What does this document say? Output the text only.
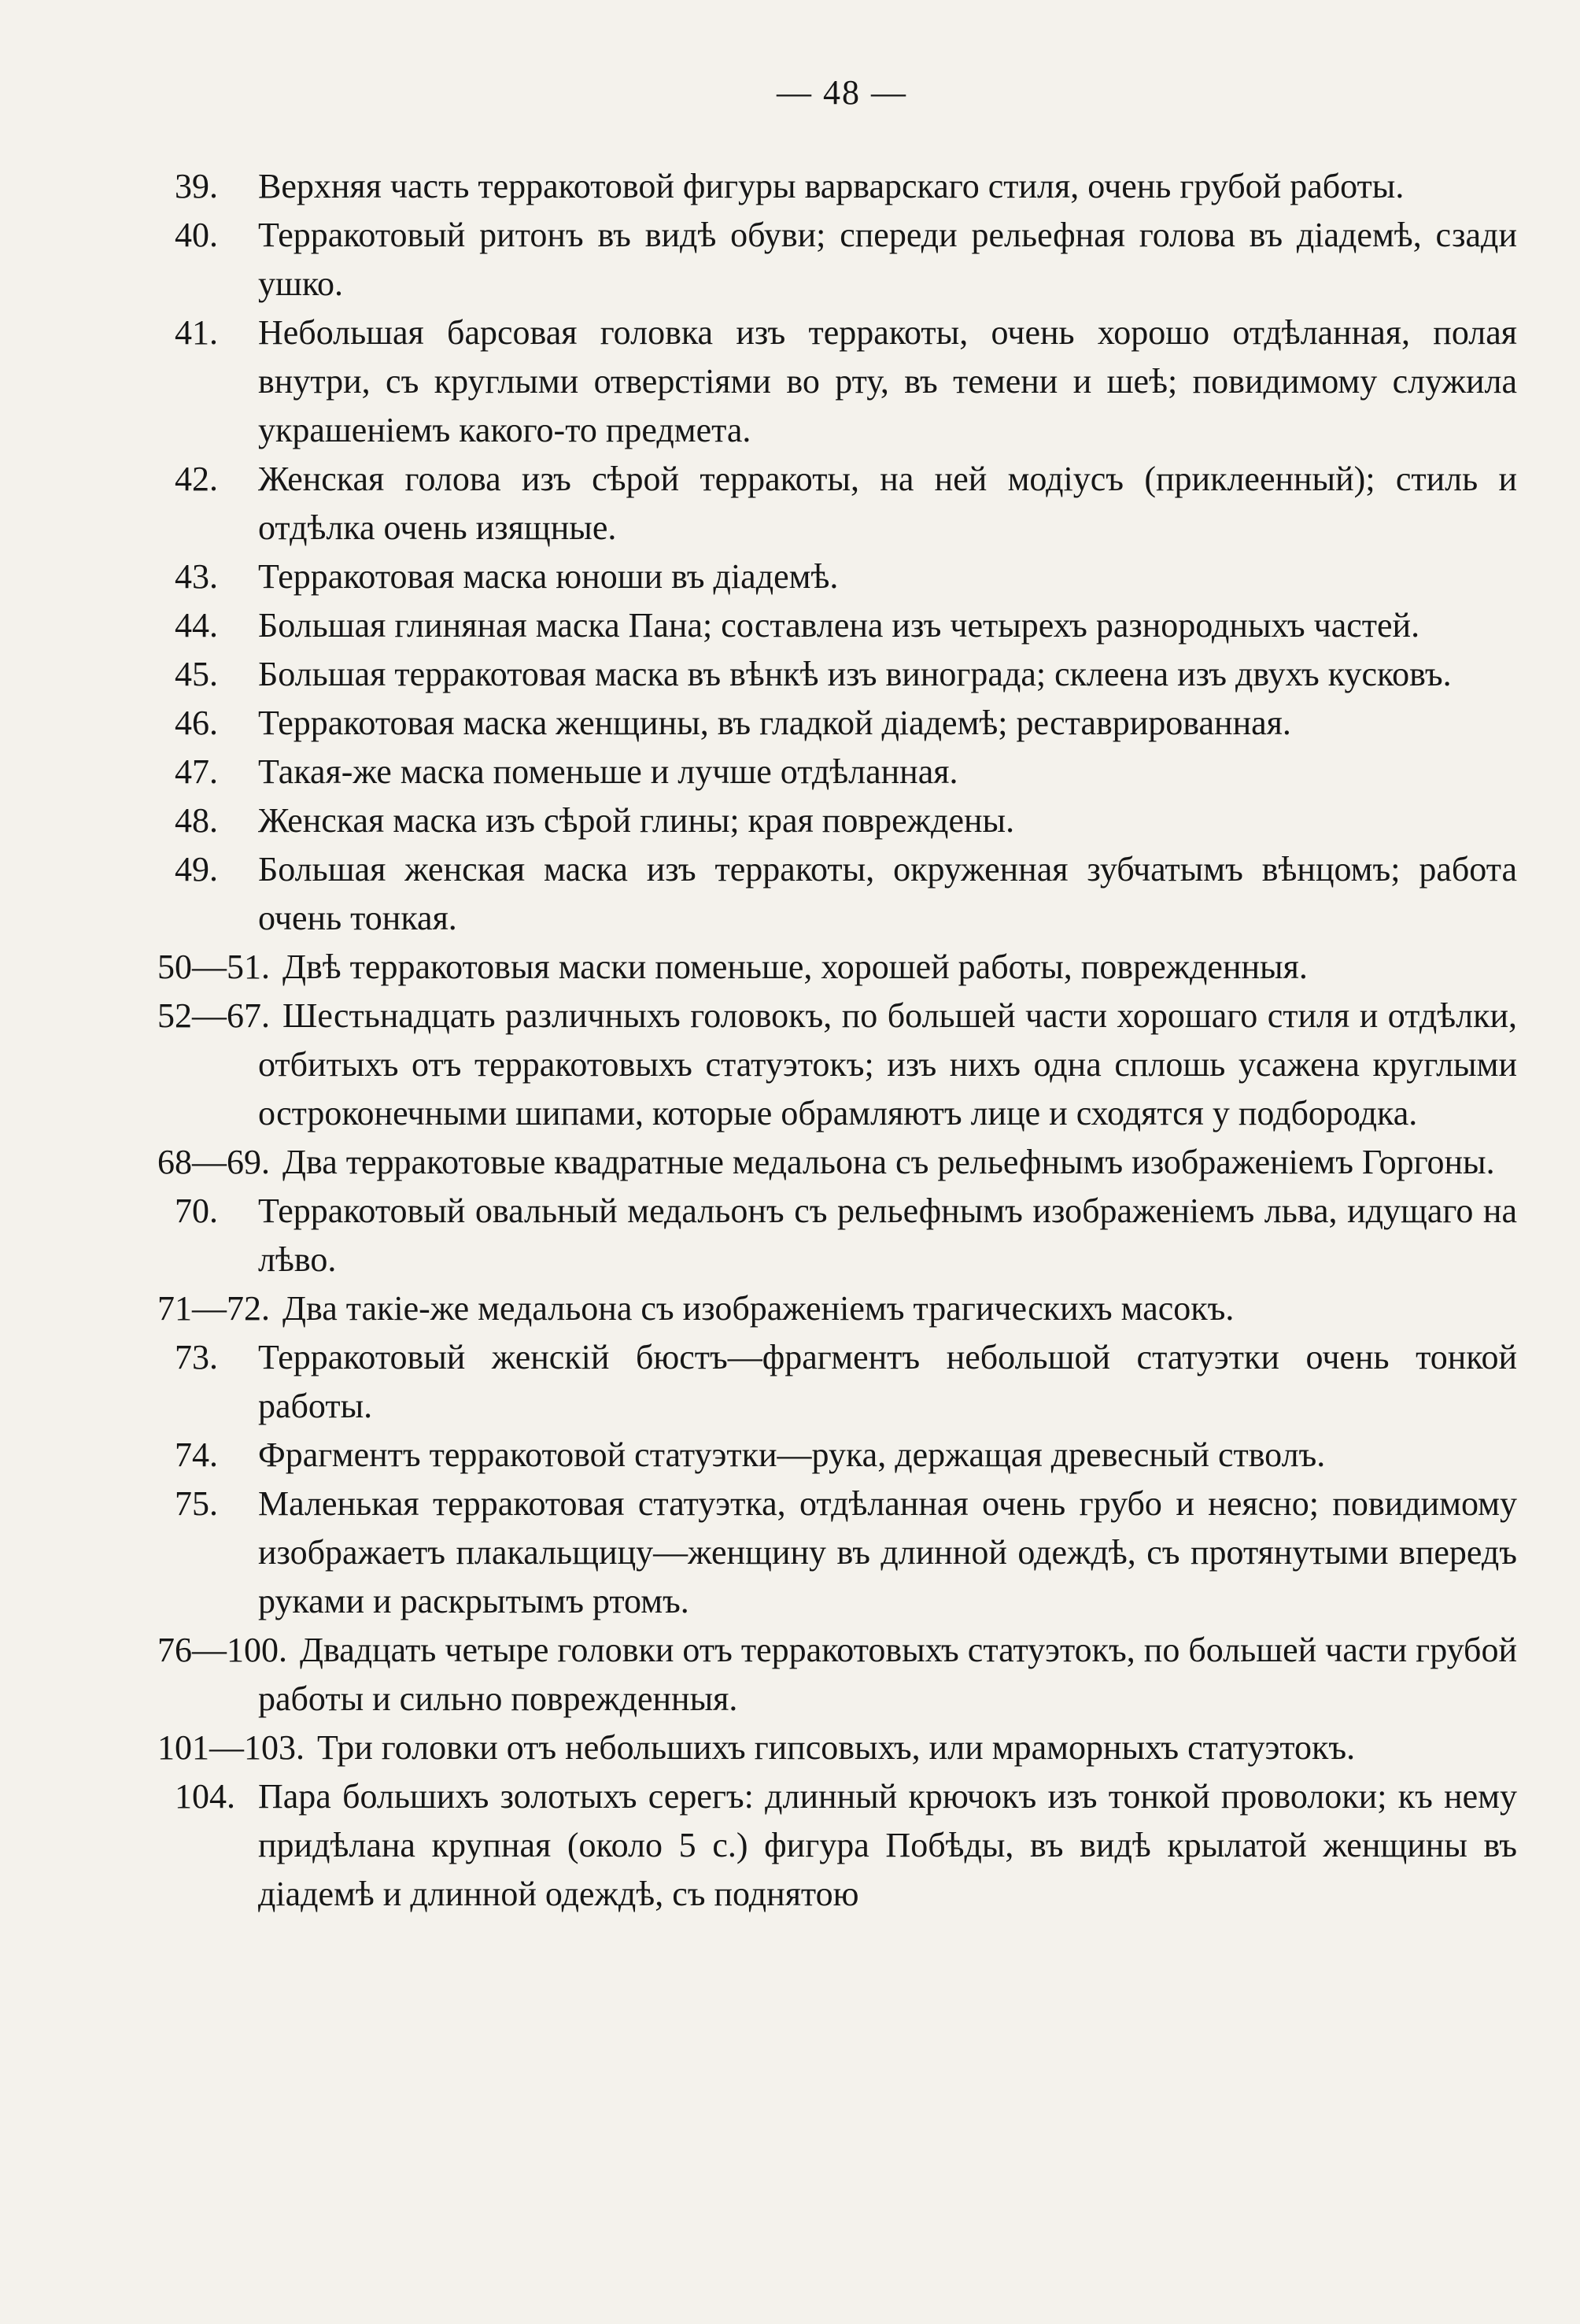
— 48 —
39.	Верхняя часть терракотовой фигуры варварскаго стиля, очень грубой работы.
40.	Терракотовый ритонъ въ видѣ обуви; спереди рельефная голова въ діадемѣ, сзади ушко.
41.	Небольшая барсовая головка изъ терракоты, очень хорошо отдѣланная, полая внутри, съ круглыми отверстіями во рту, въ темени и шеѣ; повидимому служила украшеніемъ какого-то предмета.
42.	Женская голова изъ сѣрой терракоты, на ней модіусъ (приклеенный); стиль и отдѣлка очень изящные.
43.	Терракотовая маска юноши въ діадемѣ.
44.	Большая глиняная маска Пана; составлена изъ четырехъ разнородныхъ частей.
45.	Большая терракотовая маска въ вѣнкѣ изъ винограда; склеена изъ двухъ кусковъ.
46.	Терракотовая маска женщины, въ гладкой діадемѣ; реставрированная.
47.	Такая-же маска поменьше и лучше отдѣланная.
48.	Женская маска изъ сѣрой глины; края повреждены.
49.	Большая женская маска изъ терракоты, окруженная зубчатымъ вѣнцомъ; работа очень тонкая.
50—51. Двѣ терракотовыя маски поменьше, хорошей работы, поврежденныя.
52—67. Шестьнадцать различныхъ головокъ, по большей части хорошаго стиля и отдѣлки, отбитыхъ отъ терракотовыхъ статуэтокъ; изъ нихъ одна сплошь усажена круглыми остроконечными шипами, которые обрамляютъ лице и сходятся у подбородка.
68—69. Два терракотовые квадратные медальона съ рельефнымъ изображеніемъ Горгоны.
70.	Терракотовый овальный медальонъ съ рельефнымъ изображеніемъ льва, идущаго на лѣво.
71—72. Два такіе-же медальона съ изображеніемъ трагическихъ масокъ.
73.	Терракотовый женскій бюстъ—фрагментъ небольшой статуэтки очень тонкой работы.
74.	Фрагментъ терракотовой статуэтки—рука, держащая древесный стволъ.
75.	Маленькая терракотовая статуэтка, отдѣланная очень грубо и неясно; повидимому изображаетъ плакальщицу—женщину въ длинной одеждѣ, съ протянутыми впередъ руками и раскрытымъ ртомъ.
76—100. Двадцать четыре головки отъ терракотовыхъ статуэтокъ, по большей части грубой работы и сильно поврежденныя.
101—103. Три головки отъ небольшихъ гипсовыхъ, или мраморныхъ статуэтокъ.
104. Пара большихъ золотыхъ серегъ: длинный крючокъ изъ тонкой проволоки; къ нему придѣлана крупная (около 5 с.) фигура Побѣды, въ видѣ крылатой женщины въ діадемѣ и длинной одеждѣ, съ поднятою
